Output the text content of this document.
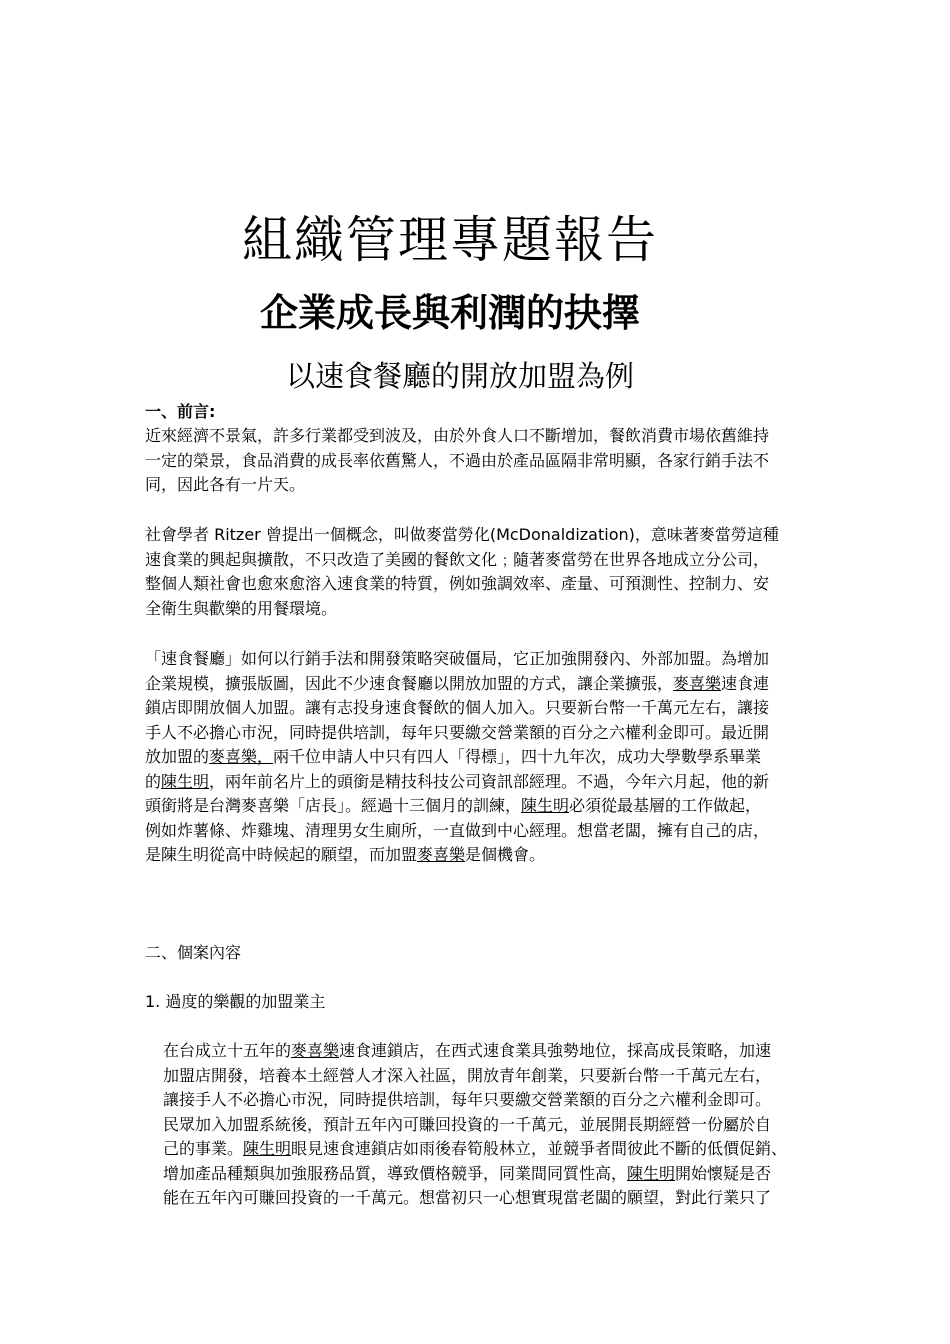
組織管理專題報告
企業成長與利潤的抉擇
以速食餐廳的開放加盟為例
一、前言:
近來經濟不景氣，許多行業都受到波及，由於外食人口不斷增加，餐飲消費市場依舊維持
一定的榮景，食品消費的成長率依舊驚人，不過由於產品區隔非常明顯，各家行銷手法不
同，因此各有一片天。
社會學者 Ritzer 曾提出一個概念，叫做麥當勞化(McDonaldization)，意味著麥當勞這種
速食業的興起與擴散，不只改造了美國的餐飲文化﹔隨著麥當勞在世界各地成立分公司，
整個人類社會也愈來愈溶入速食業的特質，例如強調效率、產量、可預測性、控制力、安
全衛生與歡樂的用餐環境。
「速食餐廳」如何以行銷手法和開發策略突破僵局，它正加強開發內、外部加盟。為增加
企業規模，擴張版圖，因此不少速食餐廳以開放加盟的方式，讓企業擴張，麥喜樂速食連
鎖店即開放個人加盟。讓有志投身速食餐飲的個人加入。只要新台幣一千萬元左右，讓接
手人不必擔心市況，同時提供培訓，每年只要繳交營業額的百分之六權利金即可。最近開
放加盟的麥喜樂，兩千位申請人中只有四人「得標」，四十九年次，成功大學數學系畢業
的陳生明，兩年前名片上的頭銜是精技科技公司資訊部經理。不過，今年六月起，他的新
頭銜將是台灣麥喜樂「店長」。經過十三個月的訓練，陳生明必須從最基層的工作做起，
例如炸薯條、炸雞塊、清理男女生廁所，一直做到中心經理。想當老闆，擁有自己的店，
是陳生明從高中時候起的願望，而加盟麥喜樂是個機會。
二、個案內容
1. 過度的樂觀的加盟業主
在台成立十五年的麥喜樂速食連鎖店，在西式速食業具強勢地位，採高成長策略，加速
加盟店開發，培養本土經營人才深入社區，開放青年創業，只要新台幣一千萬元左右，
讓接手人不必擔心市況，同時提供培訓，每年只要繳交營業額的百分之六權利金即可。
民眾加入加盟系統後，預計五年內可賺回投資的一千萬元，並展開長期經營一份屬於自
己的事業。陳生明眼見速食連鎖店如雨後春筍般林立，並競爭者間彼此不斷的低價促銷、
增加產品種類與加強服務品質，導致價格競爭，同業間同質性高，陳生明開始懷疑是否
能在五年內可賺回投資的一千萬元。想當初只一心想實現當老闆的願望，對此行業只了
